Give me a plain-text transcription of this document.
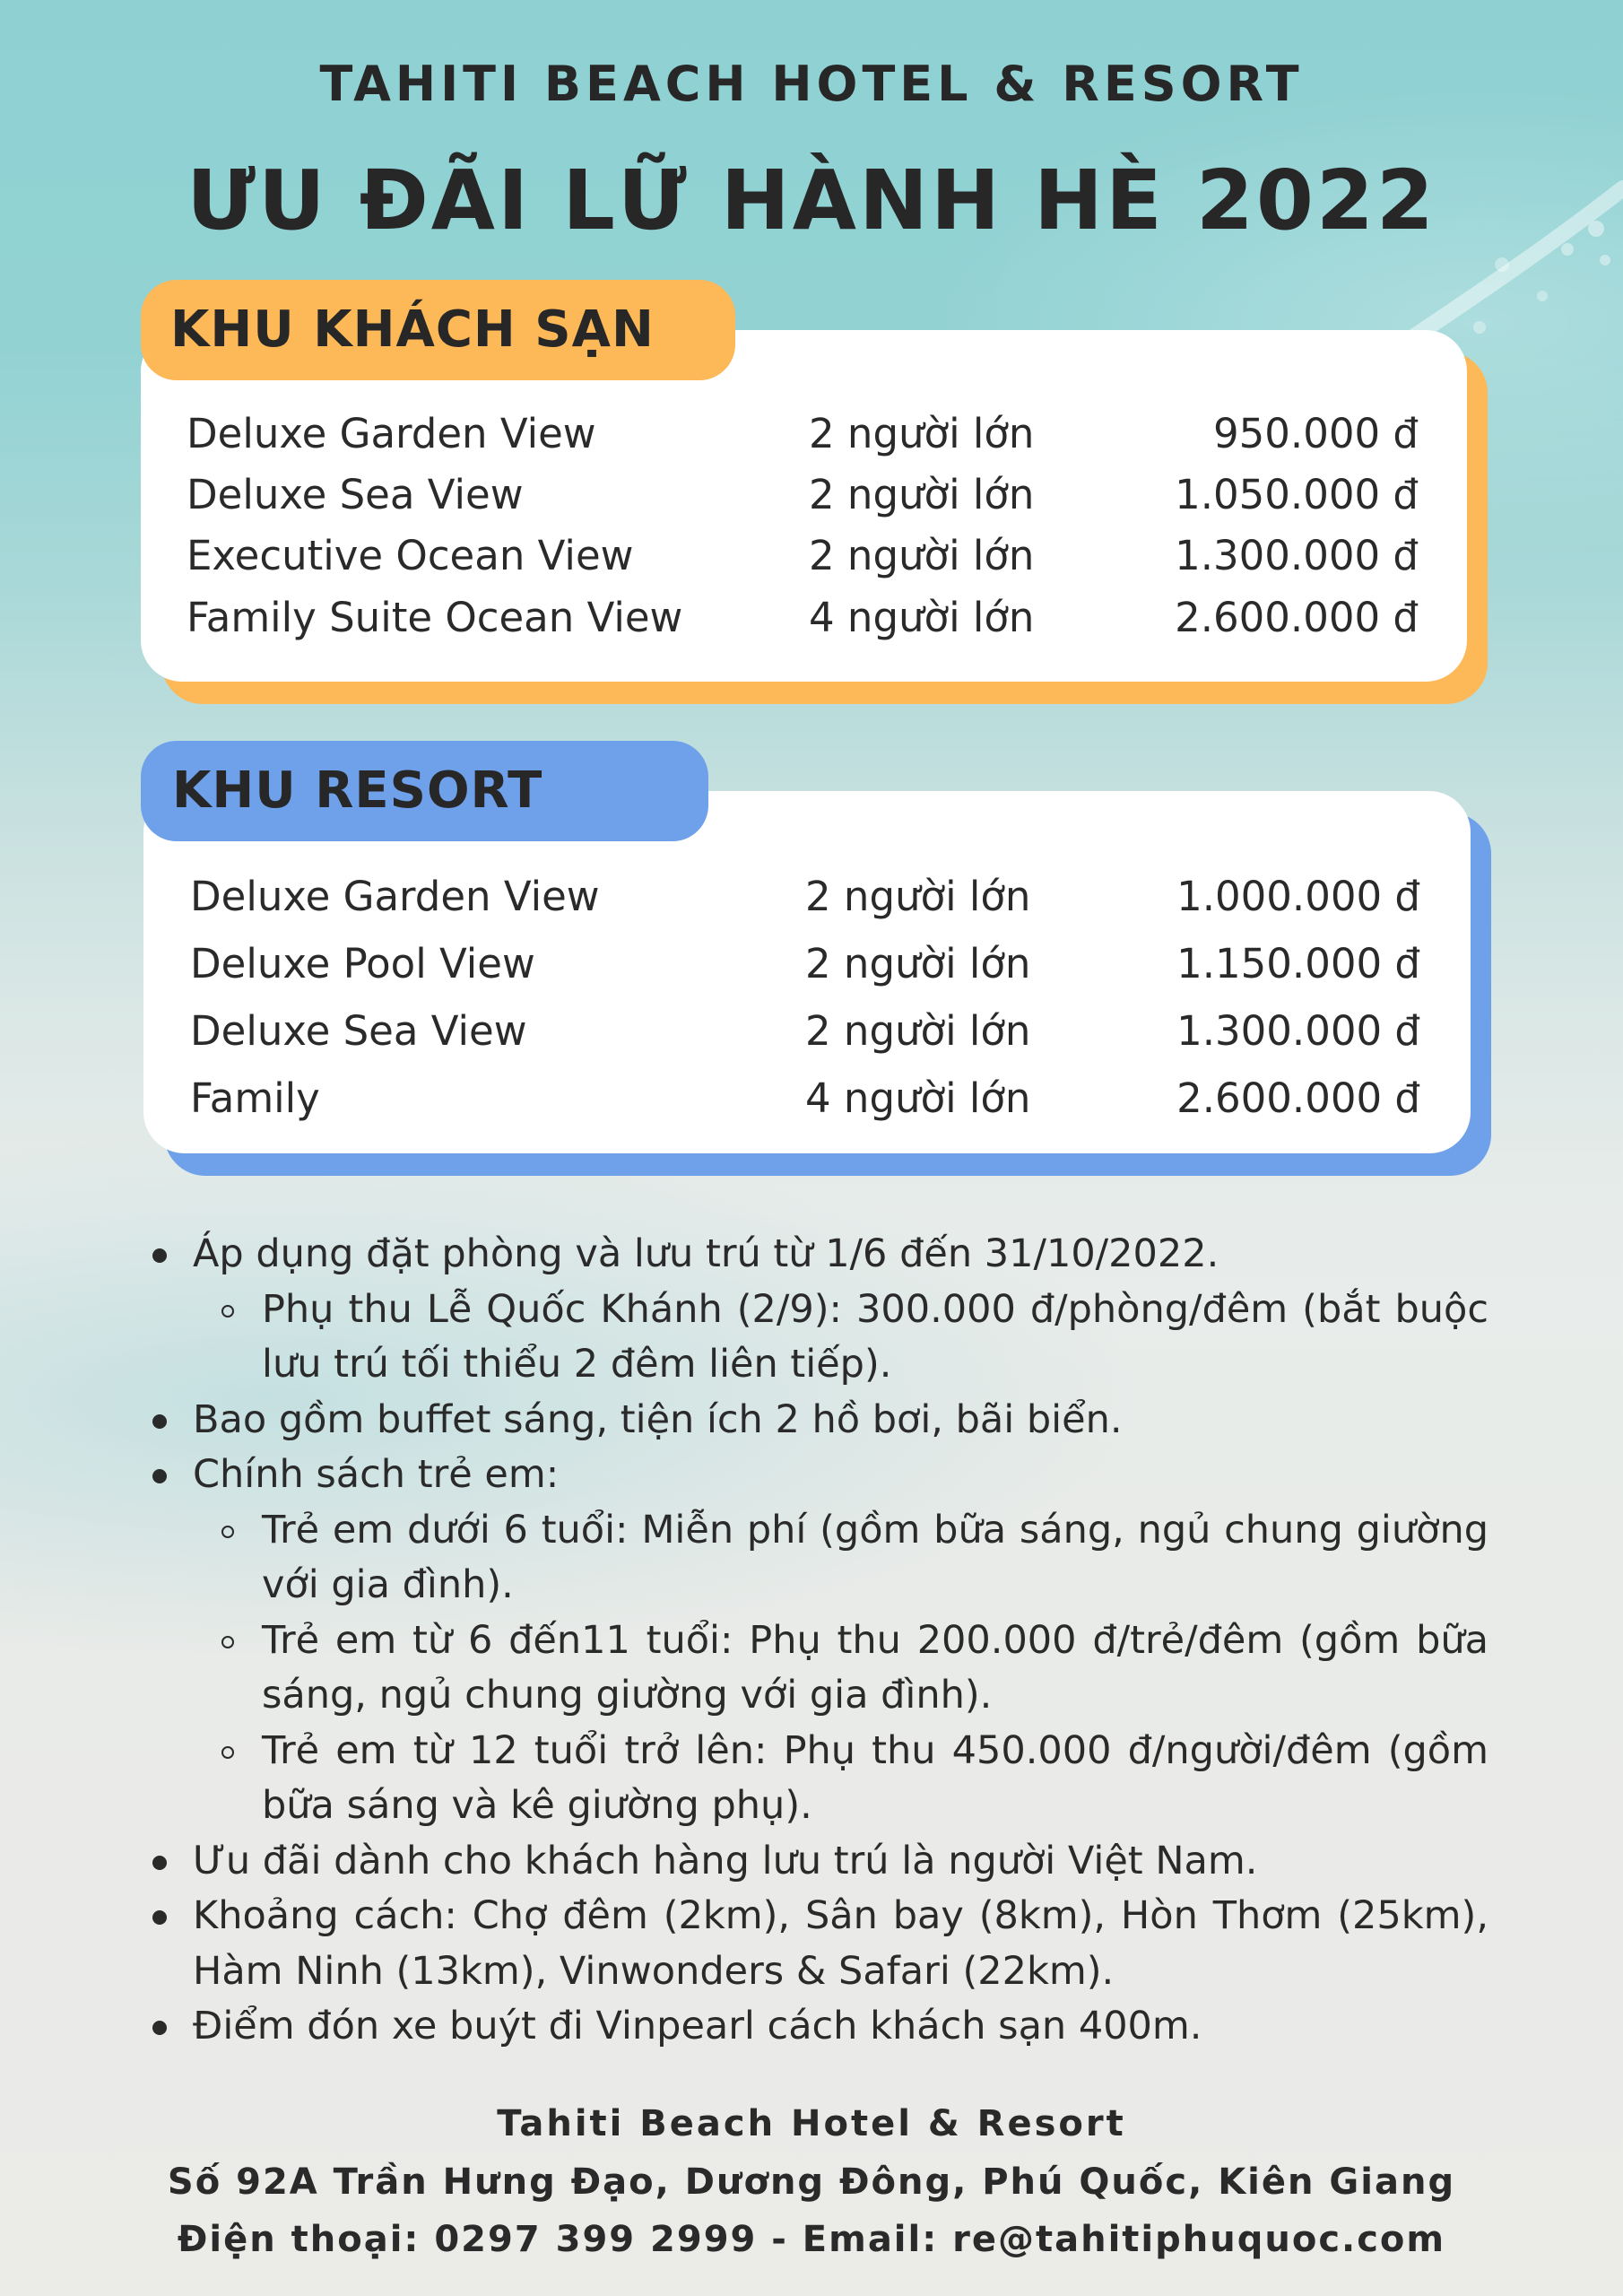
TAHITI BEACH HOTEL & RESORT
ƯU ĐÃI LỮ HÀNH HÈ 2022
KHU KHÁCH SẠN
Deluxe Garden View	2 người lớn	950.000 đ
Deluxe Sea View	2 người lớn	1.050.000 đ
Executive Ocean View	2 người lớn	1.300.000 đ
Family Suite Ocean View	4 người lớn	2.600.000 đ
KHU RESORT
Deluxe Garden View	2 người lớn	1.000.000 đ
Deluxe Pool View	2 người lớn	1.150.000 đ
Deluxe Sea View	2 người lớn	1.300.000 đ
Family	4 người lớn	2.600.000 đ
Áp dụng đặt phòng và lưu trú từ 1/6 đến 31/10/2022.
Phụ thu Lễ Quốc Khánh (2/9): 300.000 đ/phòng/đêm (bắt buộc lưu trú tối thiểu 2 đêm liên tiếp).
Bao gồm buffet sáng, tiện ích 2 hồ bơi, bãi biển.
Chính sách trẻ em:
Trẻ em dưới 6 tuổi: Miễn phí (gồm bữa sáng, ngủ chung giường với gia đình).
Trẻ em từ 6 đến11 tuổi: Phụ thu 200.000 đ/trẻ/đêm (gồm bữa sáng, ngủ chung giường với gia đình).
Trẻ em từ 12 tuổi trở lên: Phụ thu 450.000 đ/người/đêm (gồm bữa sáng và kê giường phụ).
Ưu đãi dành cho khách hàng lưu trú là người Việt Nam.
Khoảng cách: Chợ đêm (2km), Sân bay (8km), Hòn Thơm (25km), Hàm Ninh (13km), Vinwonders & Safari (22km).
Điểm đón xe buýt đi Vinpearl cách khách sạn 400m.
Tahiti Beach Hotel & Resort
Số 92A Trần Hưng Đạo, Dương Đông, Phú Quốc, Kiên Giang
Điện thoại: 0297 399 2999 - Email: re@tahitiphuquoc.com
